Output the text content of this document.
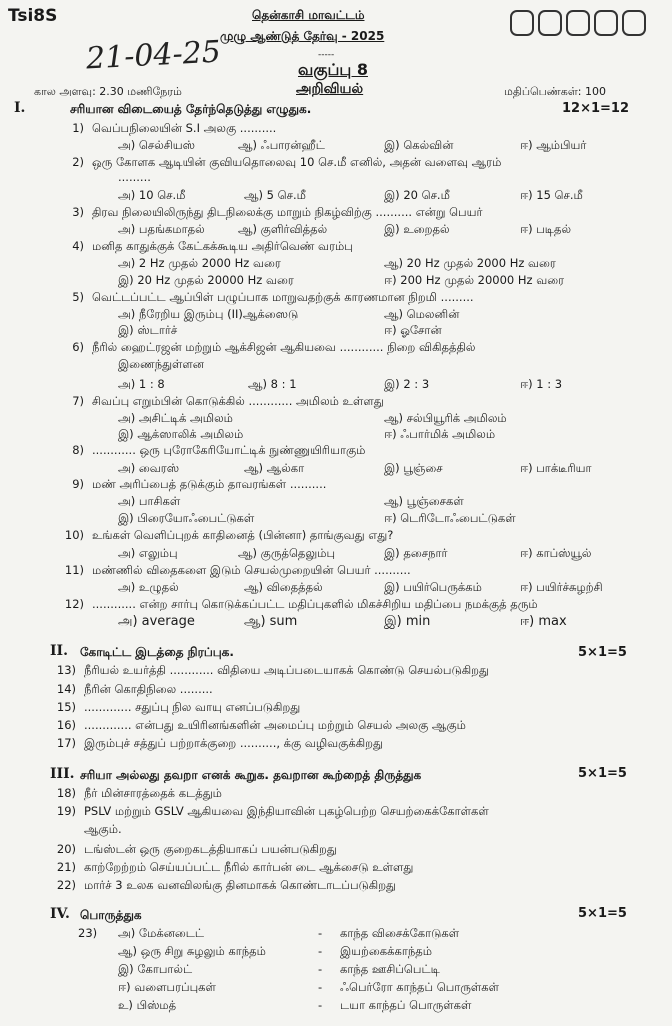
Tsi8S	தென்காசி மாவட்டம்
முழு ஆண்டுத் தேர்வு - 2025
21-04-25	-----
வகுப்பு 8
அறிவியல்
கால அளவு: 2.30 மணிநேரம்	மதிப்பெண்கள்: 100
I.	சரியான விடையைத் தேர்ந்தெடுத்து எழுதுக.	12×1=12
1) வெப்பநிலையின் S.I அலகு ..........
அ) செல்சியஸ்	ஆ) ஃபாரன்ஹீட்	இ) கெல்வின்	ஈ) ஆம்பியர்
2) ஒரு கோளக ஆடியின் குவியதொலைவு 10 செ.மீ எனில், அதன் வளைவு ஆரம்
.........
அ) 10 செ.மீ	ஆ) 5 செ.மீ	இ) 20 செ.மீ	ஈ) 15 செ.மீ
3) திரவ நிலையிலிருந்து திடநிலைக்கு மாறும் நிகழ்விற்கு .......... என்று பெயர்
அ) பதங்கமாதல்	ஆ) குளிர்வித்தல்	இ) உறைதல்	ஈ) படிதல்
4) மனித காதுக்குக் கேட்கக்கூடிய அதிர்வெண் வரம்பு
அ) 2 Hz முதல் 2000 Hz வரை	ஆ) 20 Hz முதல் 2000 Hz வரை
இ) 20 Hz முதல் 20000 Hz வரை	ஈ) 200 Hz முதல் 20000 Hz வரை
5) வெட்டப்பட்ட ஆப்பிள் பழுப்பாக மாறுவதற்குக் காரணமான நிறமி .........
அ) நீரேறிய இரும்பு (II)ஆக்ஸைடு	ஆ) மெலனின்
இ) ஸ்டார்ச்	ஈ) ஓசோன்
6) நீரில் ஹைட்ரஜன் மற்றும் ஆக்சிஜன் ஆகியவை ............ நிறை விகிதத்தில்
இணைந்துள்ளன
அ) 1 : 8	ஆ) 8 : 1	இ) 2 : 3	ஈ) 1 : 3
7) சிவப்பு எறும்பின் கொடுக்கில் ............ அமிலம் உள்ளது
அ) அசிட்டிக் அமிலம்	ஆ) சல்பியூரிக் அமிலம்
இ) ஆக்ஸாலிக் அமிலம்	ஈ) ஃபார்மிக் அமிலம்
8) ............ ஒரு புரோகேரியோட்டிக் நுண்ணுயிரியாகும்
அ) வைரஸ்	ஆ) ஆல்கா	இ) பூஞ்சை	ஈ) பாக்டீரியா
9) மண் அரிப்பைத் தடுக்கும் தாவரங்கள் ..........
அ) பாசிகள்	ஆ) பூஞ்சைகள்
இ) பிரையோஃபைட்டுகள்	ஈ) டெரிடோஃபைட்டுகள்
10) உங்கள் வெளிப்புறக் காதினைத் (பின்னா) தாங்குவது எது?
அ) எலும்பு	ஆ) குருத்தெலும்பு	இ) தசைநார்	ஈ) காப்ஸ்யூல்
11) மண்ணில் விதைகளை இடும் செயல்முறையின் பெயர் ..........
அ) உழுதல்	ஆ) விதைத்தல்	இ) பயிர்பெருக்கம்	ஈ) பயிர்ச்சுழற்சி
12) ............ என்ற சார்பு கொடுக்கப்பட்ட மதிப்புகளில் மிகச்சிறிய மதிப்பை நமக்குத் தரும்
அ) average	ஆ) sum	இ) min	ஈ) max
II. கோடிட்ட இடத்தை நிரப்புக.	5×1=5
13) நீரியல் உயர்த்தி ............ விதியை அடிப்படையாகக் கொண்டு செயல்படுகிறது
14) நீரின் கொதிநிலை .........
15) ............. சதுப்பு நில வாயு எனப்படுகிறது
16) ............. என்பது உயிரினங்களின் அமைப்பு மற்றும் செயல் அலகு ஆகும்
17) இரும்புச் சத்துப் பற்றாக்குறை .........., க்கு வழிவகுக்கிறது
III. சரியா அல்லது தவறா எனக் கூறுக. தவறான கூற்றைத் திருத்துக	5×1=5
18) நீர் மின்சாரத்தைக் கடத்தும்
19) PSLV மற்றும் GSLV ஆகியவை இந்தியாவின் புகழ்பெற்ற செயற்கைக்கோள்கள்
ஆகும்.
20) டங்ஸ்டன் ஒரு குறைகடத்தியாகப் பயன்படுகிறது
21) காற்றேற்றம் செய்யப்பட்ட நீரில் கார்பன் டை ஆக்சைடு உள்ளது
22) மார்ச் 3 உலக வனவிலங்கு தினமாகக் கொண்டாடப்படுகிறது
IV. பொருத்துக	5×1=5
23) அ) மேக்னடைட்	- காந்த விசைக்கோடுகள்
ஆ) ஒரு சிறு சுழலும் காந்தம்	- இயற்கைக்காந்தம்
இ) கோபால்ட்	- காந்த ஊசிப்பெட்டி
ஈ) வளைபரப்புகள்	- ஃபெர்ரோ காந்தப் பொருள்கள்
உ) பிஸ்மத்	- டயா காந்தப் பொருள்கள்
